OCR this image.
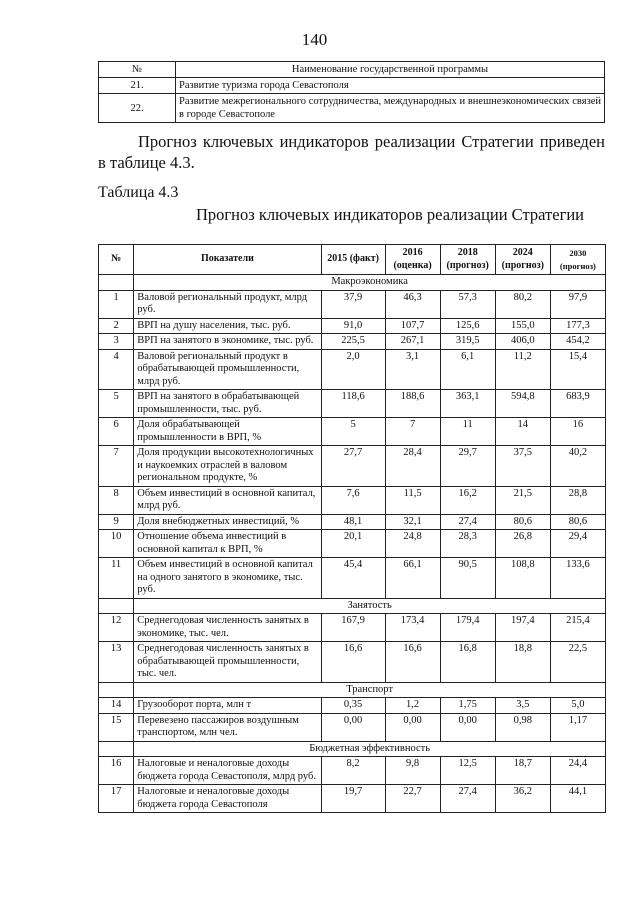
140
№	Наименование государственной программы
21.	Развитие туризма города Севастополя
22.	Развитие межрегионального сотрудничества, международных и внешнеэкономических связей в городе Севастополе
Прогноз ключевых индикаторов реализации Стратегии приведен в таблице 4.3.
Таблица 4.3
Прогноз ключевых индикаторов реализации Стратегии
№	Показатели	2015 (факт)	2016 (оценка)	2018 (прогноз)	2024 (прогноз)	2030 (прогноз)
	Макроэкономика					
1	Валовой региональный продукт, млрд руб.	37,9	46,3	57,3	80,2	97,9
2	ВРП на душу населения, тыс. руб.	91,0	107,7	125,6	155,0	177,3
3	ВРП на занятого в экономике, тыс. руб.	225,5	267,1	319,5	406,0	454,2
4	Валовой региональный продукт в обрабатывающей промышленности, млрд руб.	2,0	3,1	6,1	11,2	15,4
5	ВРП на занятого в обрабатывающей промышленности, тыс. руб.	118,6	188,6	363,1	594,8	683,9
6	Доля обрабатывающей промышленности в ВРП, %	5	7	11	14	16
7	Доля продукции высокотехнологичных и наукоемких отраслей в валовом региональном продукте, %	27,7	28,4	29,7	37,5	40,2
8	Объем инвестиций в основной капитал, млрд руб.	7,6	11,5	16,2	21,5	28,8
9	Доля внебюджетных инвестиций, %	48,1	32,1	27,4	80,6	80,6
10	Отношение объема инвестиций в основной капитал к ВРП, %	20,1	24,8	28,3	26,8	29,4
11	Объем инвестиций в основной капитал на одного занятого в экономике, тыс. руб.	45,4	66,1	90,5	108,8	133,6
	Занятость					
12	Среднегодовая численность занятых в экономике, тыс. чел.	167,9	173,4	179,4	197,4	215,4
13	Среднегодовая численность занятых в обрабатывающей промышленности, тыс. чел.	16,6	16,6	16,8	18,8	22,5
	Транспорт					
14	Грузооборот порта, млн т	0,35	1,2	1,75	3,5	5,0
15	Перевезено пассажиров воздушным транспортом, млн чел.	0,00	0,00	0,00	0,98	1,17
	Бюджетная эффективность					
16	Налоговые и неналоговые доходы бюджета города Севастополя, млрд руб.	8,2	9,8	12,5	18,7	24,4
17	Налоговые и неналоговые доходы бюджета города Севастополя	19,7	22,7	27,4	36,2	44,1
